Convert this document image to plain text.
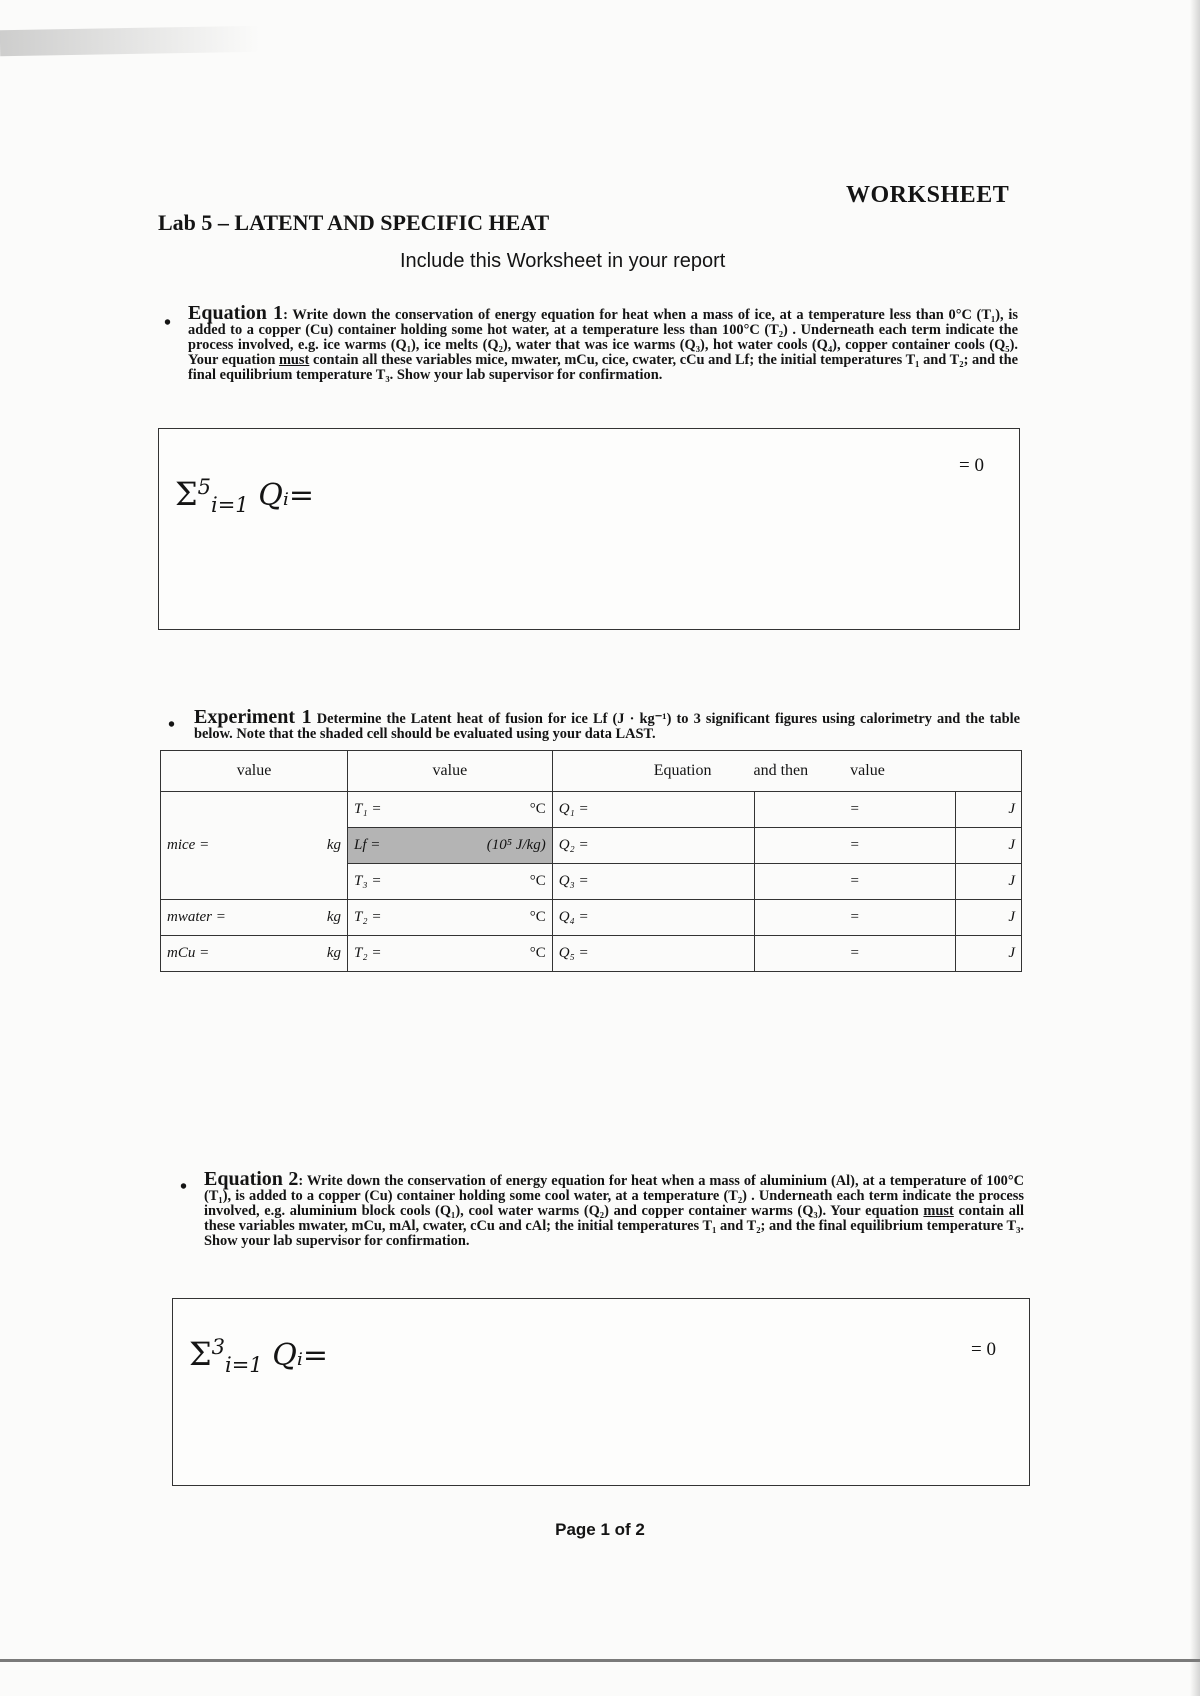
Lab 5 – LATENT AND SPECIFIC HEAT
WORKSHEET
Include this Worksheet in your report
• Equation 1: Write down the conservation of energy equation for heat when a mass of ice, at a temperature less than 0°C (T₁), is added to a copper (Cu) container holding some hot water, at a temperature less than 100°C (T₂) . Underneath each term indicate the process involved, e.g. ice warms (Q₁), ice melts (Q₂), water that was ice warms (Q₃), hot water cools (Q₄), copper container cools (Q₅). Your equation must contain all these variables mice, mwater, mCu, cice, cwater, cCu and Lf; the initial temperatures T₁ and T₂; and the final equilibrium temperature T₃. Show your lab supervisor for confirmation.
$\Sigma^5_{i=1}$ Qᵢ=
= 0
• Experiment 1 Determine the Latent heat of fusion for ice Lf (J · kg⁻¹) to 3 significant figures using calorimetry and the table below. Note that the shaded cell should be evaluated using your data LAST.
value	value	Equation and then value		

mice = kg	T₁ = °C	Q₁ =	=	J

	Lf = (10⁵ J/kg)	Q₂ =	=	J

	T₃ = °C	Q₃ =	=	J

mwater = kg	T₂ = °C	Q₄ =	=	J

mCu = kg	T₂ = °C	Q₅ =	=	J
• Equation 2: Write down the conservation of energy equation for heat when a mass of aluminium (Al), at a temperature of 100°C (T₁), is added to a copper (Cu) container holding some cool water, at a temperature (T₂) . Underneath each term indicate the process involved, e.g. aluminium block cools (Q₁), cool water warms (Q₂) and copper container warms (Q₃). Your equation must contain all these variables mwater, mCu, mAl, cwater, cCu and cAl; the initial temperatures T₁ and T₂; and the final equilibrium temperature T₃. Show your lab supervisor for confirmation.
$\Sigma^3_{i=1}$ Qᵢ=	= 0
Page 1 of 2
